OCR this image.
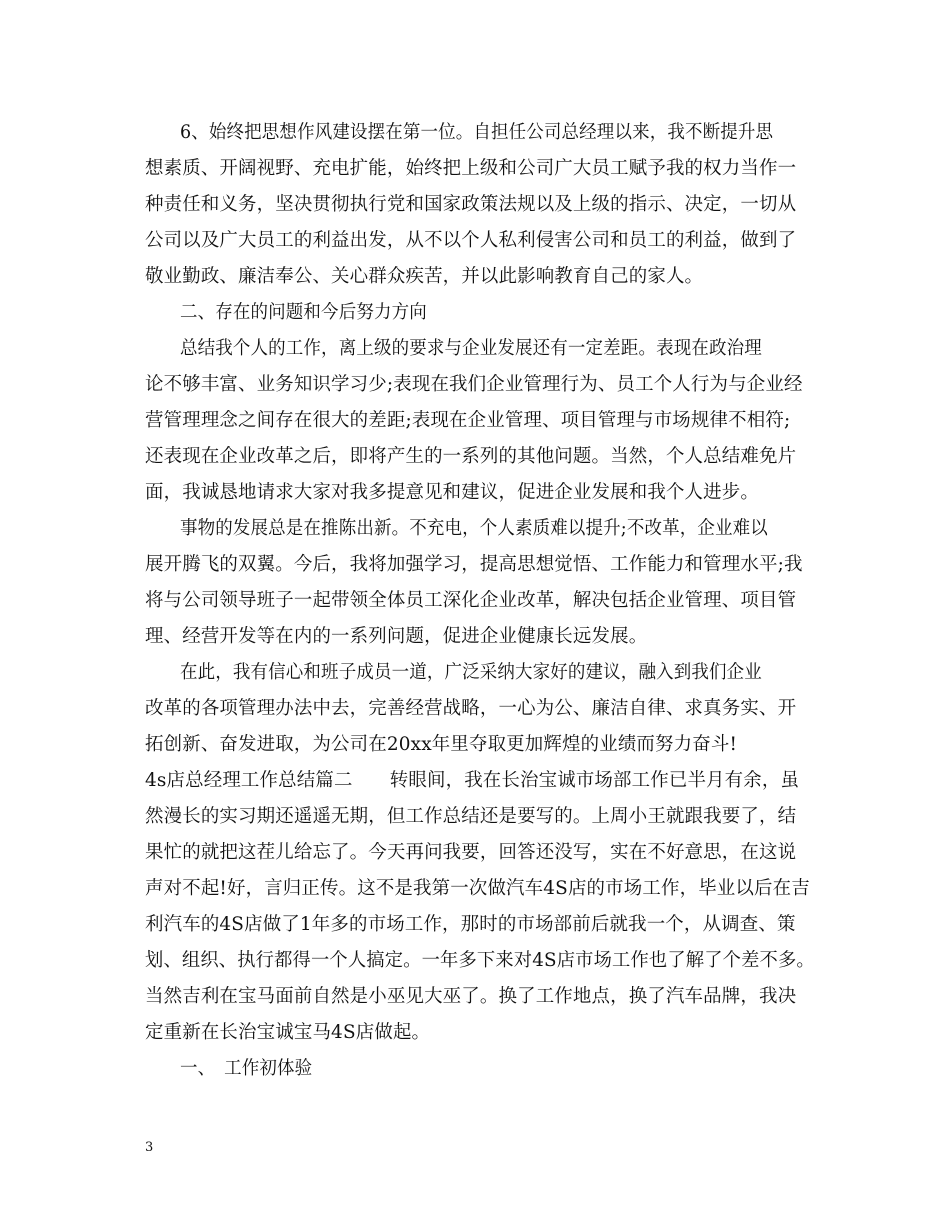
6、始终把思想作风建设摆在第一位。自担任公司总经理以来，我不断提升思
想素质、开阔视野、充电扩能，始终把上级和公司广大员工赋予我的权力当作一
种责任和义务，坚决贯彻执行党和国家政策法规以及上级的指示、决定，一切从
公司以及广大员工的利益出发，从不以个人私利侵害公司和员工的利益，做到了
敬业勤政、廉洁奉公、关心群众疾苦，并以此影响教育自己的家人。
二、存在的问题和今后努力方向
总结我个人的工作，离上级的要求与企业发展还有一定差距。表现在政治理
论不够丰富、业务知识学习少;表现在我们企业管理行为、员工个人行为与企业经
营管理理念之间存在很大的差距;表现在企业管理、项目管理与市场规律不相符;
还表现在企业改革之后，即将产生的一系列的其他问题。当然，个人总结难免片
面，我诚恳地请求大家对我多提意见和建议，促进企业发展和我个人进步。
事物的发展总是在推陈出新。不充电，个人素质难以提升;不改革，企业难以
展开腾飞的双翼。今后，我将加强学习，提高思想觉悟、工作能力和管理水平;我
将与公司领导班子一起带领全体员工深化企业改革，解决包括企业管理、项目管
理、经营开发等在内的一系列问题，促进企业健康长远发展。
在此，我有信心和班子成员一道，广泛采纳大家好的建议，融入到我们企业
改革的各项管理办法中去，完善经营战略，一心为公、廉洁自律、求真务实、开
拓创新、奋发进取，为公司在20xx年里夺取更加辉煌的业绩而努力奋斗!
4s店总经理工作总结篇二　　转眼间，我在长治宝诚市场部工作已半月有余，虽
然漫长的实习期还遥遥无期，但工作总结还是要写的。上周小王就跟我要了，结
果忙的就把这茬儿给忘了。今天再问我要，回答还没写，实在不好意思，在这说
声对不起!好，言归正传。这不是我第一次做汽车4S店的市场工作，毕业以后在吉
利汽车的4S店做了1年多的市场工作，那时的市场部前后就我一个，从调查、策
划、组织、执行都得一个人搞定。一年多下来对4S店市场工作也了解了个差不多。
当然吉利在宝马面前自然是小巫见大巫了。换了工作地点，换了汽车品牌，我决
定重新在长治宝诚宝马4S店做起。
一、　工作初体验
3
